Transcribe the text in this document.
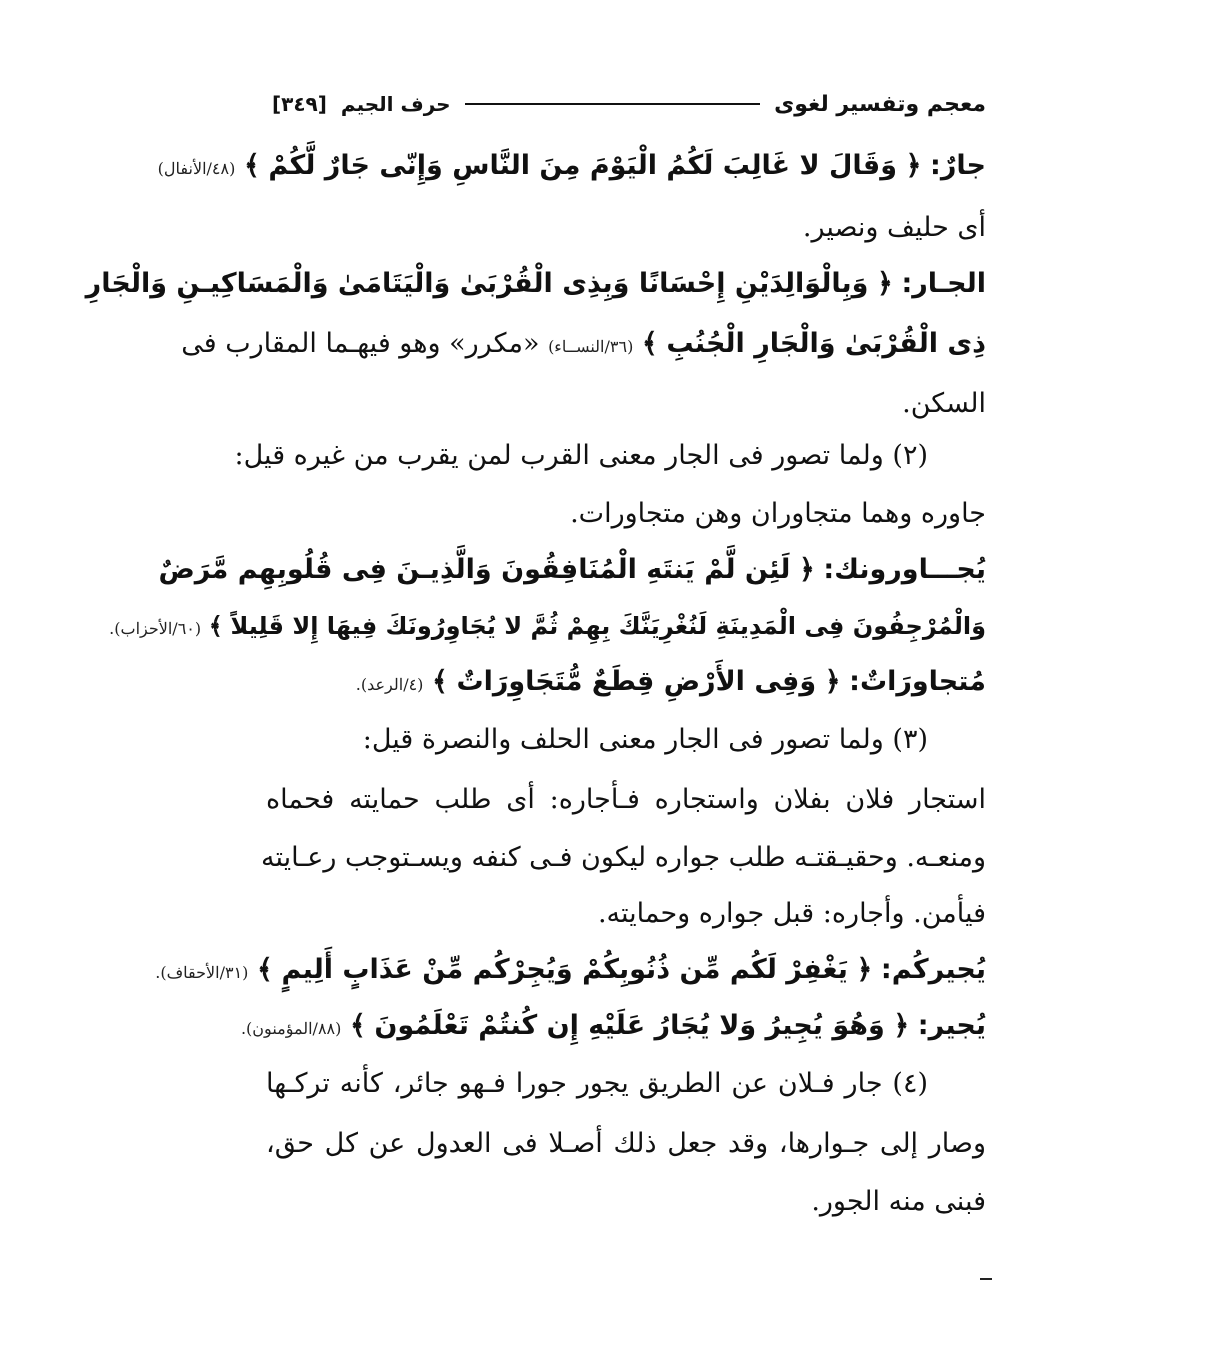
معجم وتفسير لغوى
حرف الجيم
[٣٤٩]
جارٌ: ﴿ وَقَالَ لا غَالِبَ لَكُمُ الْيَوْمَ مِنَ النَّاسِ وَإِنّى جَارٌ لَّكُمْ ﴾ (٤٨/الأنفال)
أى حليف ونصير.
الجـار: ﴿ وَبِالْوَالِدَيْنِ إِحْسَانًا وَبِذِى الْقُرْبَىٰ وَالْيَتَامَىٰ وَالْمَسَاكِيـنِ وَالْجَارِ
ذِى الْقُرْبَىٰ وَالْجَارِ الْجُنُبِ ﴾ (٣٦/النســاء) «مكرر» وهو فيهـما المقارب فى
السكن.
(٢) ولما تصور فى الجار معنى القرب لمن يقرب من غيره قيل:
جاوره وهما متجاوران وهن متجاورات.
يُجـــاورونك: ﴿ لَئِن لَّمْ يَنتَهِ الْمُنَافِقُونَ وَالَّذِيـنَ فِى قُلُوبِهِم مَّرَضٌ
وَالْمُرْجِفُونَ فِى الْمَدِينَةِ لَنُغْرِيَنَّكَ بِهِمْ ثُمَّ لا يُجَاوِرُونَكَ فِيهَا إِلا قَلِيلاً ﴾ (٦٠/الأحزاب).
مُتجاورَاتٌ: ﴿ وَفِى الأَرْضِ قِطَعٌ مُّتَجَاوِرَاتٌ ﴾ (٤/الرعد).
(٣) ولما تصور فى الجار معنى الحلف والنصرة قيل:
استجار فلان بفلان واستجاره فـأجاره: أى طلب حمايته فحماه
ومنعـه. وحقيـقتـه طلب جواره ليكون فـى كنفه ويسـتوجب رعـايته
فيأمن. وأجاره: قبل جواره وحمايته.
يُجيركُم: ﴿ يَغْفِرْ لَكُم مِّن ذُنُوبِكُمْ وَيُجِرْكُم مِّنْ عَذَابٍ أَلِيمٍ ﴾ (٣١/الأحقاف).
يُجير: ﴿ وَهُوَ يُجِيرُ وَلا يُجَارُ عَلَيْهِ إِن كُنتُمْ تَعْلَمُونَ ﴾ (٨٨/المؤمنون).
(٤) جار فـلان عن الطريق يجور جورا فـهو جائر، كأنه تركـها
وصار إلى جـوارها، وقد جعل ذلك أصـلا فى العدول عن كل حق،
فبنى منه الجور.
